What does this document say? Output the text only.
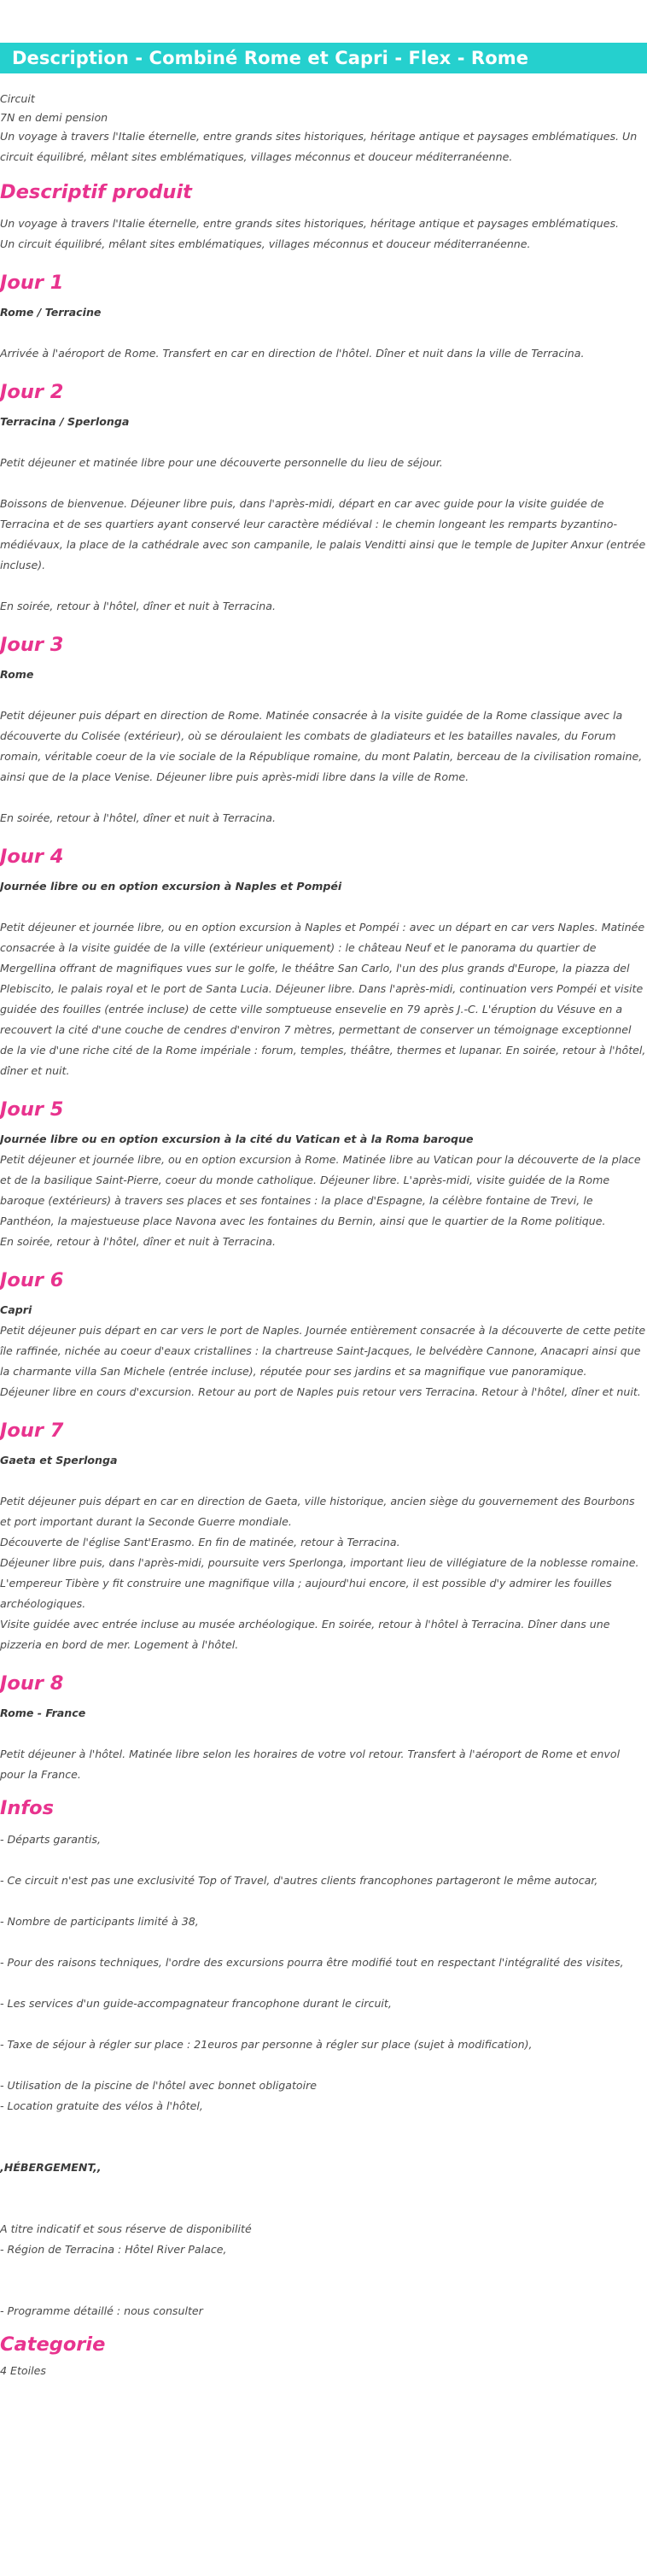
Description - Combiné Rome et Capri - Flex - Rome

Circuit

7N en demi pension

Un voyage à travers l'Italie éternelle, entre grands sites historiques, héritage antique et paysages emblématiques. Un circuit équilibré, mêlant sites emblématiques, villages méconnus et douceur méditerranéenne.

Descriptif produit

Un voyage à travers l'Italie éternelle, entre grands sites historiques, héritage antique et paysages emblématiques.
Un circuit équilibré, mêlant sites emblématiques, villages méconnus et douceur méditerranéenne.

Jour 1

Rome / Terracine

Arrivée à l'aéroport de Rome. Transfert en car en direction de l'hôtel. Dîner et nuit dans la ville de Terracina.

Jour 2

Terracina / Sperlonga

Petit déjeuner et matinée libre pour une découverte personnelle du lieu de séjour.

Boissons de bienvenue. Déjeuner libre puis, dans l'après-midi, départ en car avec guide pour la visite guidée de Terracina et de ses quartiers ayant conservé leur caractère médiéval : le chemin longeant les remparts byzantino-médiévaux, la place de la cathédrale avec son campanile, le palais Venditti ainsi que le temple de Jupiter Anxur (entrée incluse).

En soirée, retour à l'hôtel, dîner et nuit à Terracina.

Jour 3

Rome

Petit déjeuner puis départ en direction de Rome. Matinée consacrée à la visite guidée de la Rome classique avec la découverte du Colisée (extérieur), où se déroulaient les combats de gladiateurs et les batailles navales, du Forum romain, véritable coeur de la vie sociale de la République romaine, du mont Palatin, berceau de la civilisation romaine, ainsi que de la place Venise. Déjeuner libre puis après-midi libre dans la ville de Rome.

En soirée, retour à l'hôtel, dîner et nuit à Terracina.

Jour 4

Journée libre ou en option excursion à Naples et Pompéi

Petit déjeuner et journée libre, ou en option excursion à Naples et Pompéi : avec un départ en car vers Naples. Matinée consacrée à la visite guidée de la ville (extérieur uniquement) : le château Neuf et le panorama du quartier de Mergellina offrant de magnifiques vues sur le golfe, le théâtre San Carlo, l'un des plus grands d'Europe, la piazza del Plebiscito, le palais royal et le port de Santa Lucia. Déjeuner libre. Dans l'après-midi, continuation vers Pompéi et visite guidée des fouilles (entrée incluse) de cette ville somptueuse ensevelie en 79 après J.-C. L'éruption du Vésuve en a recouvert la cité d'une couche de cendres d'environ 7 mètres, permettant de conserver un témoignage exceptionnel de la vie d'une riche cité de la Rome impériale : forum, temples, théâtre, thermes et lupanar. En soirée, retour à l'hôtel, dîner et nuit.

Jour 5

Journée libre ou en option excursion à la cité du Vatican et à la Roma baroque

Petit déjeuner et journée libre, ou en option excursion à Rome. Matinée libre au Vatican pour la découverte de la place et de la basilique Saint-Pierre, coeur du monde catholique. Déjeuner libre. L'après-midi, visite guidée de la Rome baroque (extérieurs) à travers ses places et ses fontaines : la place d'Espagne, la célèbre fontaine de Trevi, le Panthéon, la majestueuse place Navona avec les fontaines du Bernin, ainsi que le quartier de la Rome politique.
En soirée, retour à l'hôtel, dîner et nuit à Terracina.

Jour 6

Capri

Petit déjeuner puis départ en car vers le port de Naples. Journée entièrement consacrée à la découverte de cette petite île raffinée, nichée au coeur d'eaux cristallines : la chartreuse Saint-Jacques, le belvédère Cannone, Anacapri ainsi que la charmante villa San Michele (entrée incluse), réputée pour ses jardins et sa magnifique vue panoramique.
Déjeuner libre en cours d'excursion. Retour au port de Naples puis retour vers Terracina. Retour à l'hôtel, dîner et nuit.

Jour 7

Gaeta et Sperlonga

Petit déjeuner puis départ en car en direction de Gaeta, ville historique, ancien siège du gouvernement des Bourbons et port important durant la Seconde Guerre mondiale.
Découverte de l'église Sant'Erasmo. En fin de matinée, retour à Terracina.
Déjeuner libre puis, dans l'après-midi, poursuite vers Sperlonga, important lieu de villégiature de la noblesse romaine. L'empereur Tibère y fit construire une magnifique villa ; aujourd'hui encore, il est possible d'y admirer les fouilles archéologiques.
Visite guidée avec entrée incluse au musée archéologique. En soirée, retour à l'hôtel à Terracina. Dîner dans une pizzeria en bord de mer. Logement à l'hôtel.

Jour 8

Rome - France

Petit déjeuner à l'hôtel. Matinée libre selon les horaires de votre vol retour. Transfert à l'aéroport de Rome et envol pour la France.

Infos

- Départs garantis,

- Ce circuit n'est pas une exclusivité Top of Travel, d'autres clients francophones partageront le même autocar,

- Nombre de participants limité à 38,

- Pour des raisons techniques, l'ordre des excursions pourra être modifié tout en respectant l'intégralité des visites,

- Les services d'un guide-accompagnateur francophone durant le circuit,

- Taxe de séjour à régler sur place : 21euros par personne à régler sur place (sujet à modification),

- Utilisation de la piscine de l'hôtel avec bonnet obligatoire
- Location gratuite des vélos à l'hôtel,

,HÉBERGEMENT,,

A titre indicatif et sous réserve de disponibilité
- Région de Terracina : Hôtel River Palace,

- Programme détaillé : nous consulter

Categorie

4 Etoiles
